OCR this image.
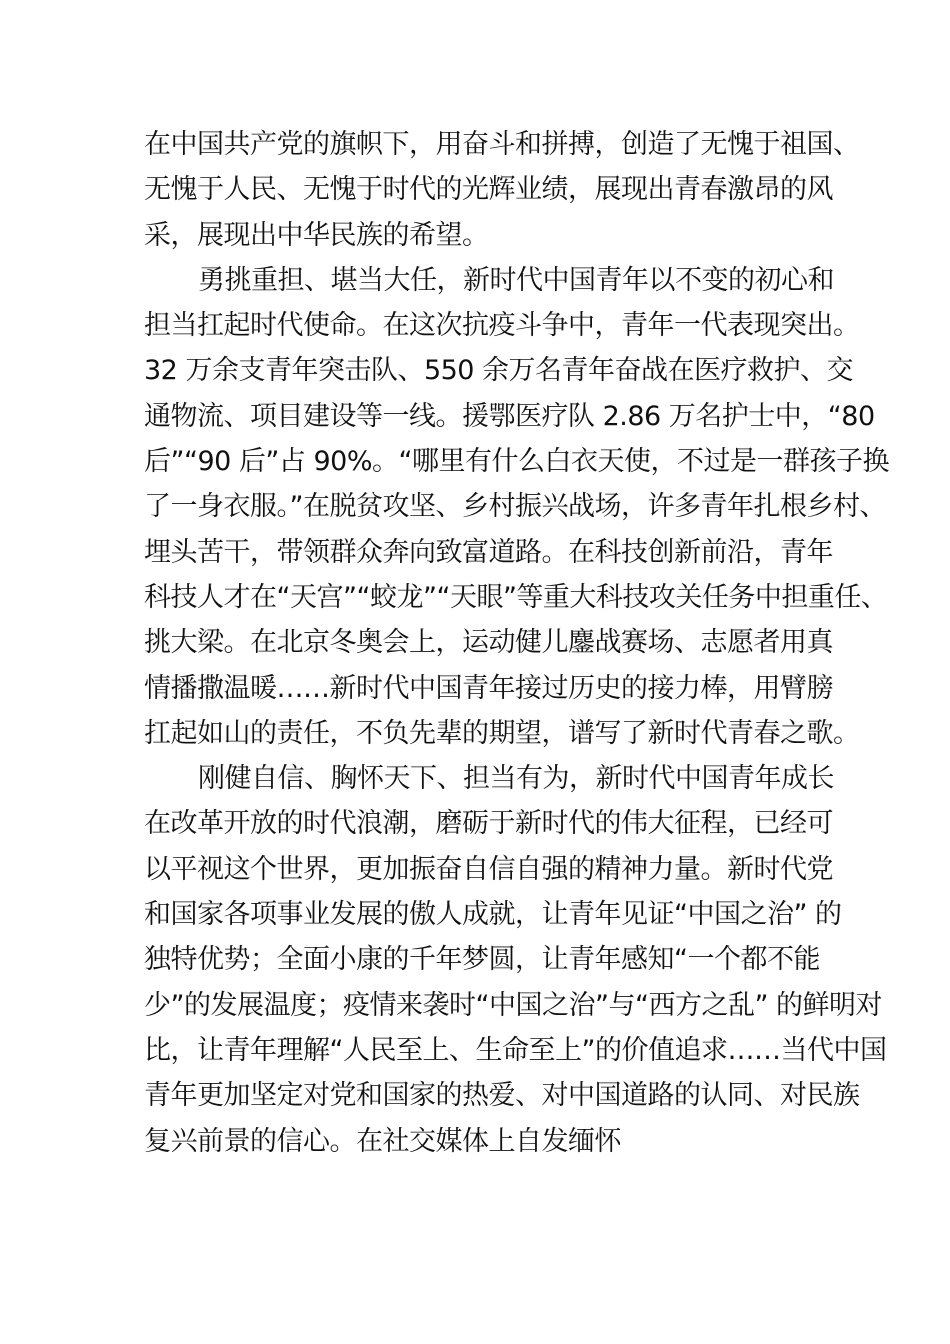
在中国共产党的旗帜下，用奋斗和拼搏，创造了无愧于祖国、
无愧于人民、无愧于时代的光辉业绩，展现出青春激昂的风
采，展现出中华民族的希望。
勇挑重担、堪当大任，新时代中国青年以不变的初心和
担当扛起时代使命。在这次抗疫斗争中，青年一代表现突出。
32 万余支青年突击队、550 余万名青年奋战在医疗救护、交
通物流、项目建设等一线。援鄂医疗队 2.86 万名护士中，“80
后”“90 后”占 90%。“哪里有什么白衣天使，不过是一群孩子换
了一身衣服。”在脱贫攻坚、乡村振兴战场，许多青年扎根乡村、
埋头苦干，带领群众奔向致富道路。在科技创新前沿，青年
科技人才在“天宫”“蛟龙”“天眼”等重大科技攻关任务中担重任、
挑大梁。在北京冬奥会上，运动健儿鏖战赛场、志愿者用真
情播撒温暖……新时代中国青年接过历史的接力棒，用臂膀
扛起如山的责任，不负先辈的期望，谱写了新时代青春之歌。
刚健自信、胸怀天下、担当有为，新时代中国青年成长
在改革开放的时代浪潮，磨砺于新时代的伟大征程，已经可
以平视这个世界，更加振奋自信自强的精神力量。新时代党
和国家各项事业发展的傲人成就，让青年见证“中国之治” 的
独特优势；全面小康的千年梦圆，让青年感知“一个都不能
少”的发展温度；疫情来袭时“中国之治”与“西方之乱” 的鲜明对
比，让青年理解“人民至上、生命至上”的价值追求……当代中国
青年更加坚定对党和国家的热爱、对中国道路的认同、对民族
复兴前景的信心。在社交媒体上自发缅怀
